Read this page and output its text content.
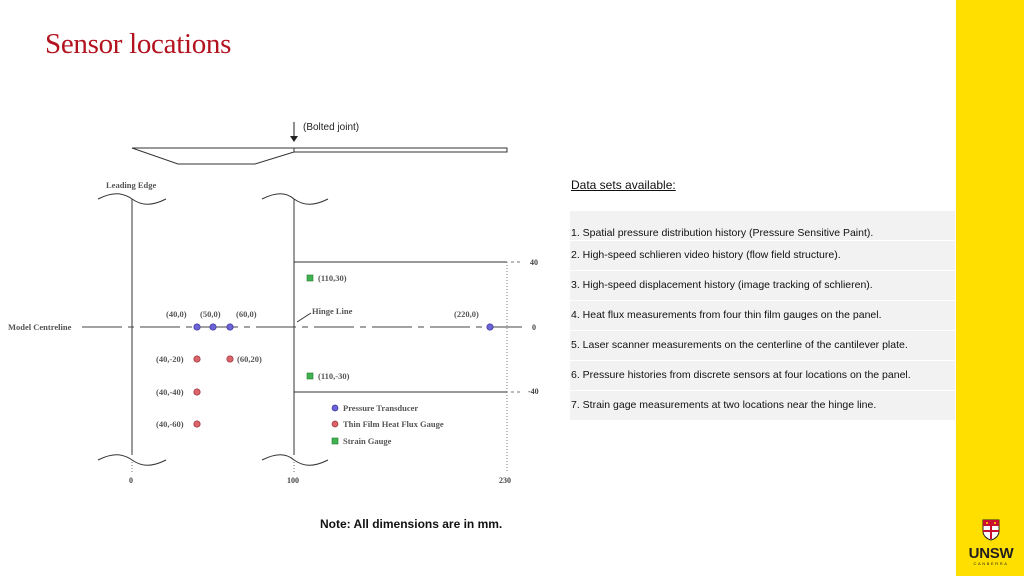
Sensor locations
(Bolted joint)
Leading Edge
Model Centreline
Hinge Line
0	100	230
40
0
-40
(40,0) (50,0) (60,0)	(220,0)
(40,-20)	(60,20)
(40,-40)
(40,-60)
(110,30)
(110,-30)
Pressure Transducer
Thin Film Heat Flux Gauge
Strain Gauge

Data sets available:

1. Spatial pressure distribution history (Pressure Sensitive Paint).
2. High-speed schlieren video history (flow field structure).
3. High-speed displacement history (image tracking of schlieren).
4. Heat flux measurements from four thin film gauges on the panel.
5. Laser scanner measurements on the centerline of the cantilever plate.
6. Pressure histories from discrete sensors at four locations on the panel.
7. Strain gage measurements at two locations near the hinge line.
Note: All dimensions are in mm.
UNSW
CANBERRA
